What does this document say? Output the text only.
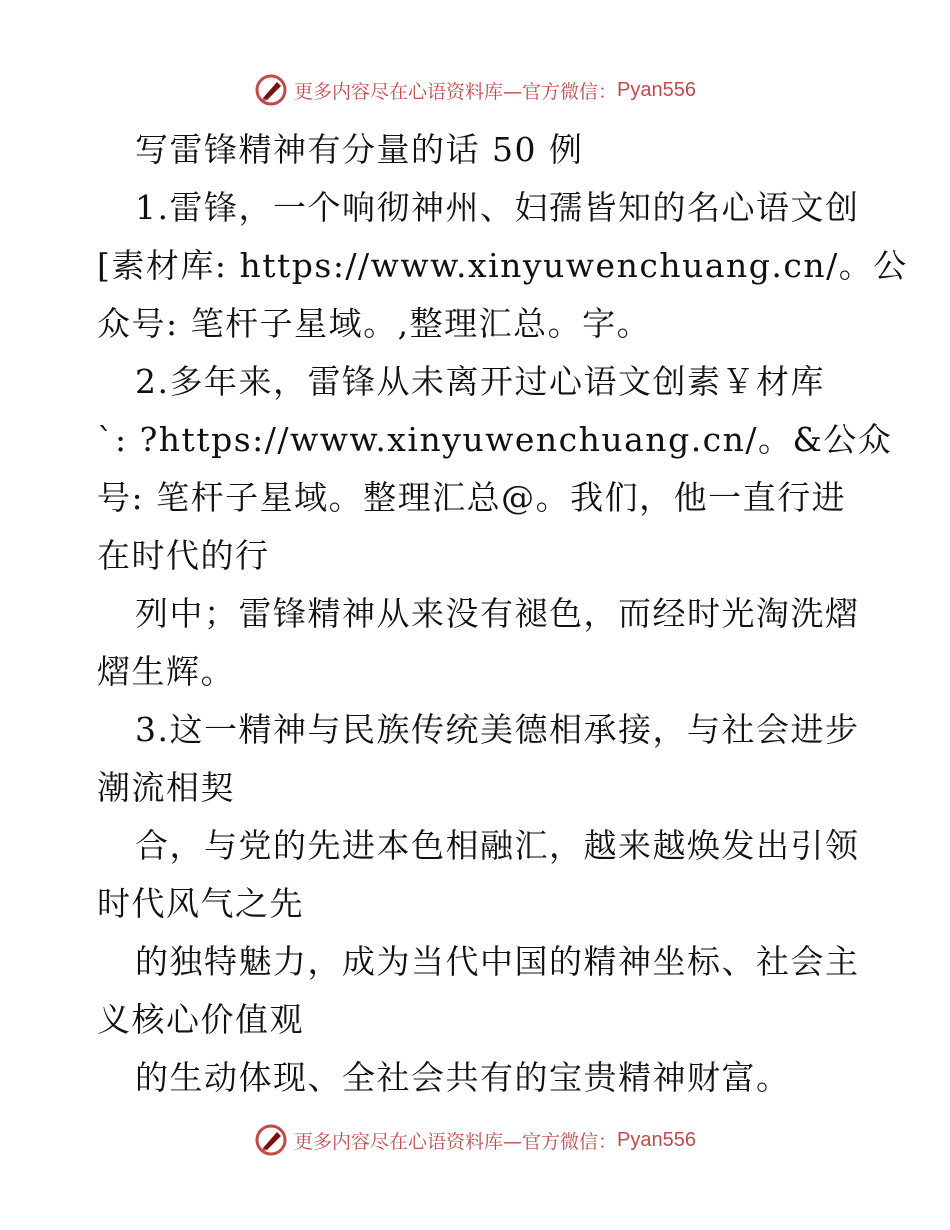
更多内容尽在心语资料库—官方微信： Pyan556
写雷锋精神有分量的话 50 例
1.雷锋，一个响彻神州、妇孺皆知的名心语文创
[素材库: https://www.xinyuwenchuang.cn/。公
众号: 笔杆子星域。,整理汇总。字。
2.多年来，雷锋从未离开过心语文创素￥材库
`: ?https://www.xinyuwenchuang.cn/。&公众
号: 笔杆子星域。整理汇总@。我们，他一直行进
在时代的行
列中；雷锋精神从来没有褪色，而经时光淘洗熠
熠生辉。
3.这一精神与民族传统美德相承接，与社会进步
潮流相契
合，与党的先进本色相融汇，越来越焕发出引领
时代风气之先
的独特魅力，成为当代中国的精神坐标、社会主
义核心价值观
的生动体现、全社会共有的宝贵精神财富。
更多内容尽在心语资料库—官方微信： Pyan556
